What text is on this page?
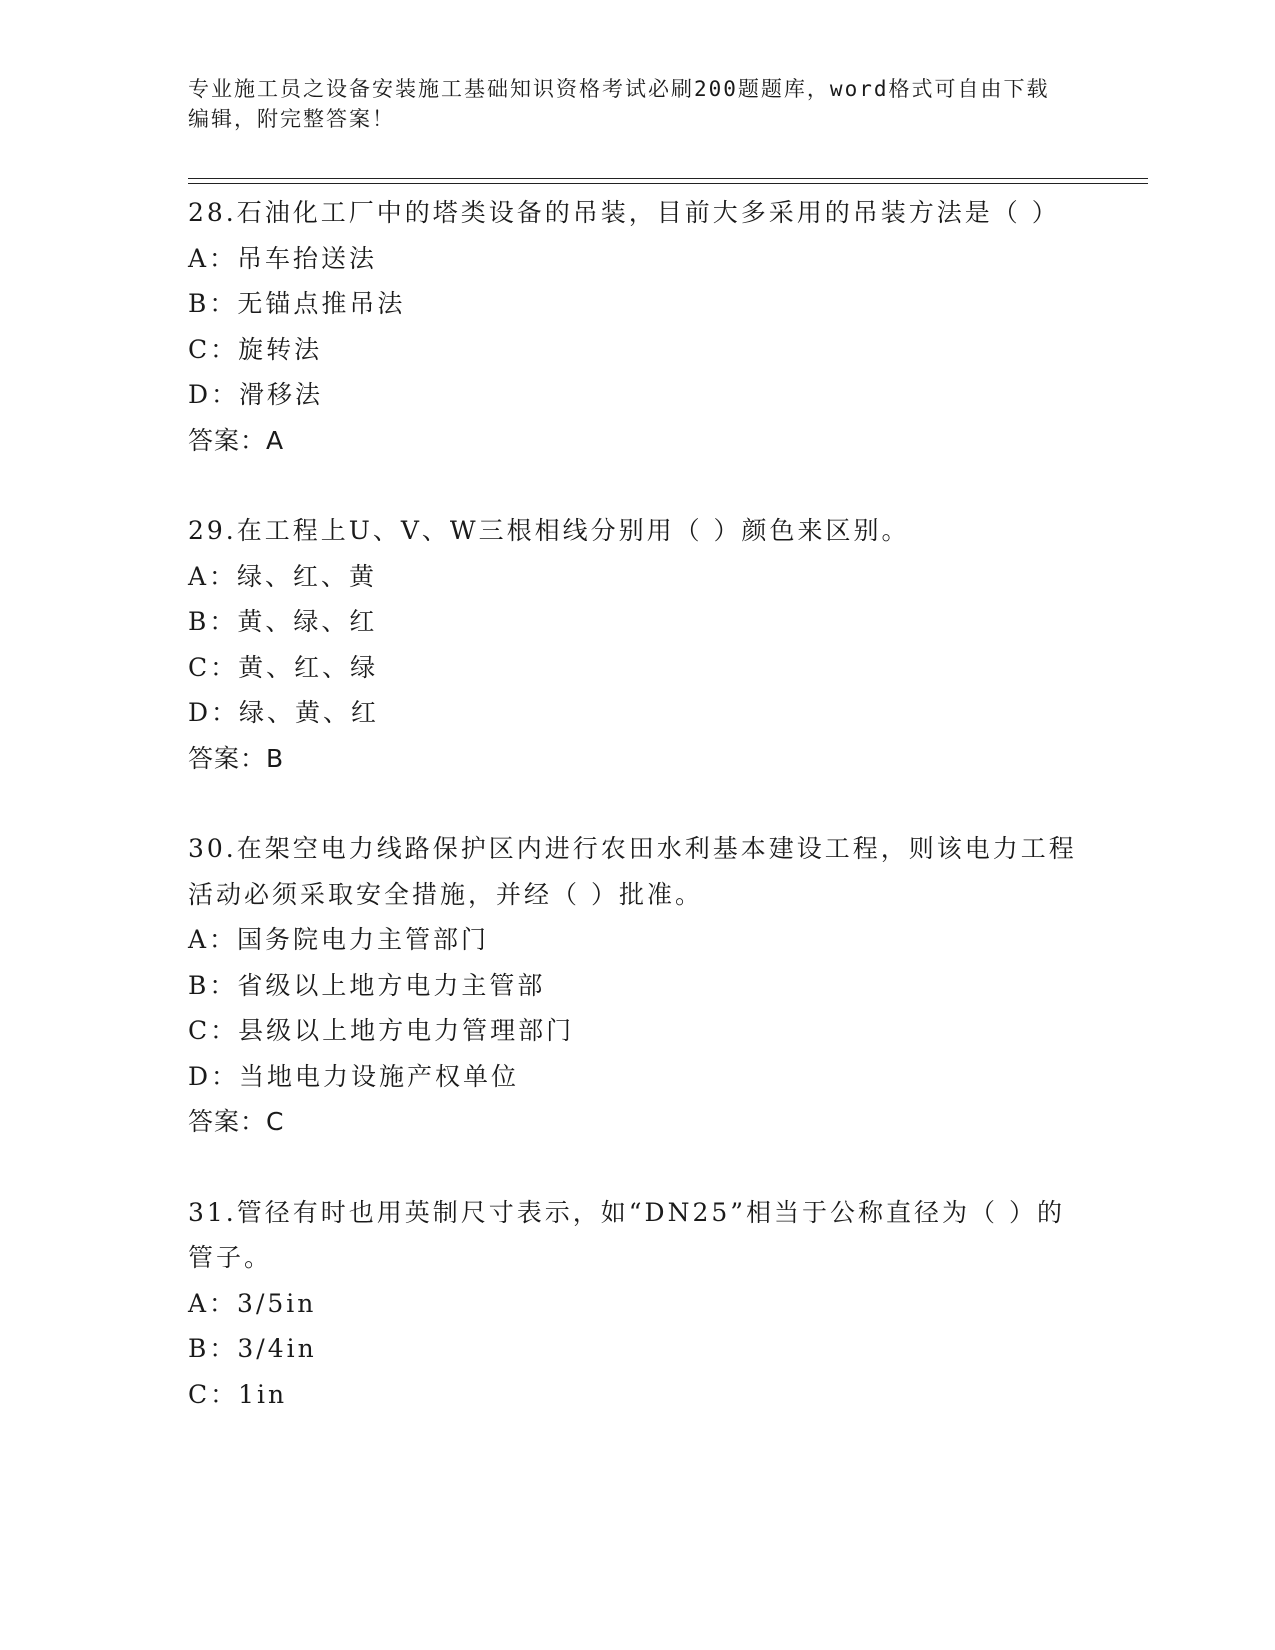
专业施工员之设备安装施工基础知识资格考试必刷200题题库，word格式可自由下载编辑，附完整答案！
28.石油化工厂中的塔类设备的吊装，目前大多采用的吊装方法是（ ）
A：吊车抬送法
B：无锚点推吊法
C：旋转法
D：滑移法
答案：A
29.在工程上U、V、W三根相线分别用（ ）颜色来区别。
A：绿、红、黄
B：黄、绿、红
C：黄、红、绿
D：绿、黄、红
答案：B
30.在架空电力线路保护区内进行农田水利基本建设工程，则该电力工程活动必须采取安全措施，并经（ ）批准。
A：国务院电力主管部门
B：省级以上地方电力主管部
C：县级以上地方电力管理部门
D：当地电力设施产权单位
答案：C
31.管径有时也用英制尺寸表示，如“DN25”相当于公称直径为（ ）的管子。
A：3/5in
B：3/4in
C：1in
